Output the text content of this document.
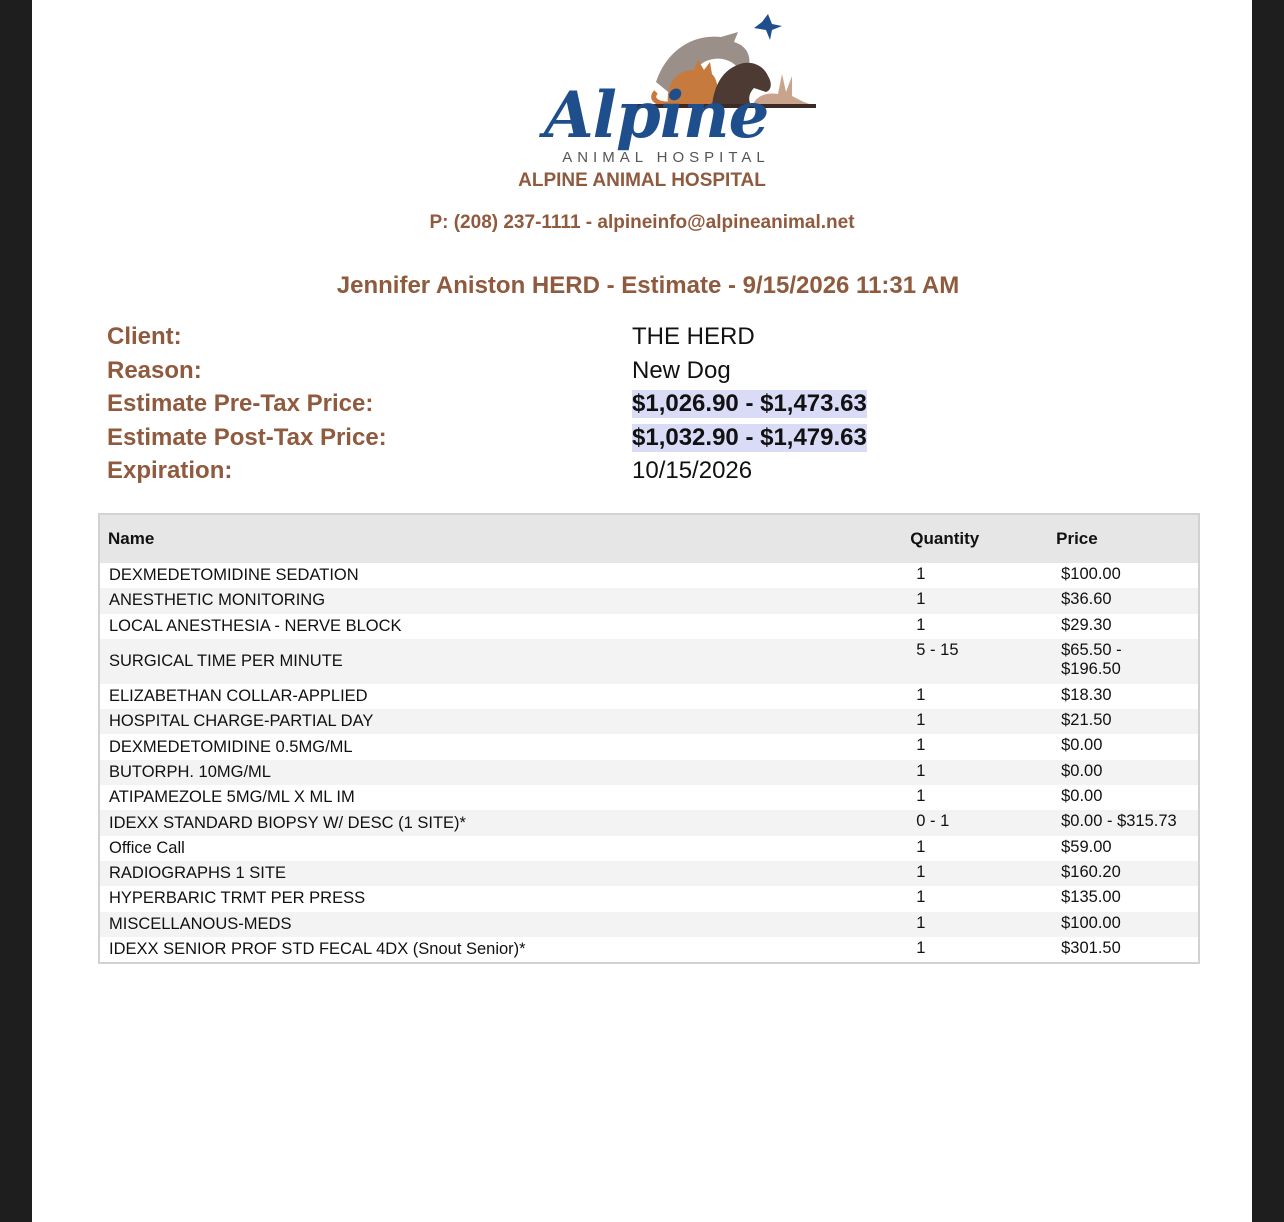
Alpine
ANIMAL HOSPITAL
ALPINE ANIMAL HOSPITAL
P: (208) 237-1111 - alpineinfo@alpineanimal.net
Jennifer Aniston HERD - Estimate - 9/15/2026 11:31 AM
Client:	THE HERD
Reason:	New Dog
Estimate Pre-Tax Price:	$1,026.90 - $1,473.63
Estimate Post-Tax Price:	$1,032.90 - $1,479.63
Expiration:	10/15/2026
Name	Quantity	Price
DEXMEDETOMIDINE SEDATION	1	$100.00
ANESTHETIC MONITORING	1	$36.60
LOCAL ANESTHESIA - NERVE BLOCK	1	$29.30
SURGICAL TIME PER MINUTE	5 - 15	$65.50 - $196.50

ELIZABETHAN COLLAR-APPLIED	1	$18.30
HOSPITAL CHARGE-PARTIAL DAY	1	$21.50
DEXMEDETOMIDINE 0.5MG/ML	1	$0.00
BUTORPH. 10MG/ML	1	$0.00
ATIPAMEZOLE 5MG/ML X ML IM	1	$0.00
IDEXX STANDARD BIOPSY W/ DESC (1 SITE)*	0 - 1	$0.00 - $315.73
Office Call	1	$59.00
RADIOGRAPHS 1 SITE	1	$160.20
HYPERBARIC TRMT PER PRESS	1	$135.00
MISCELLANOUS-MEDS	1	$100.00
IDEXX SENIOR PROF STD FECAL 4DX (Snout Senior)*	1	$301.50
